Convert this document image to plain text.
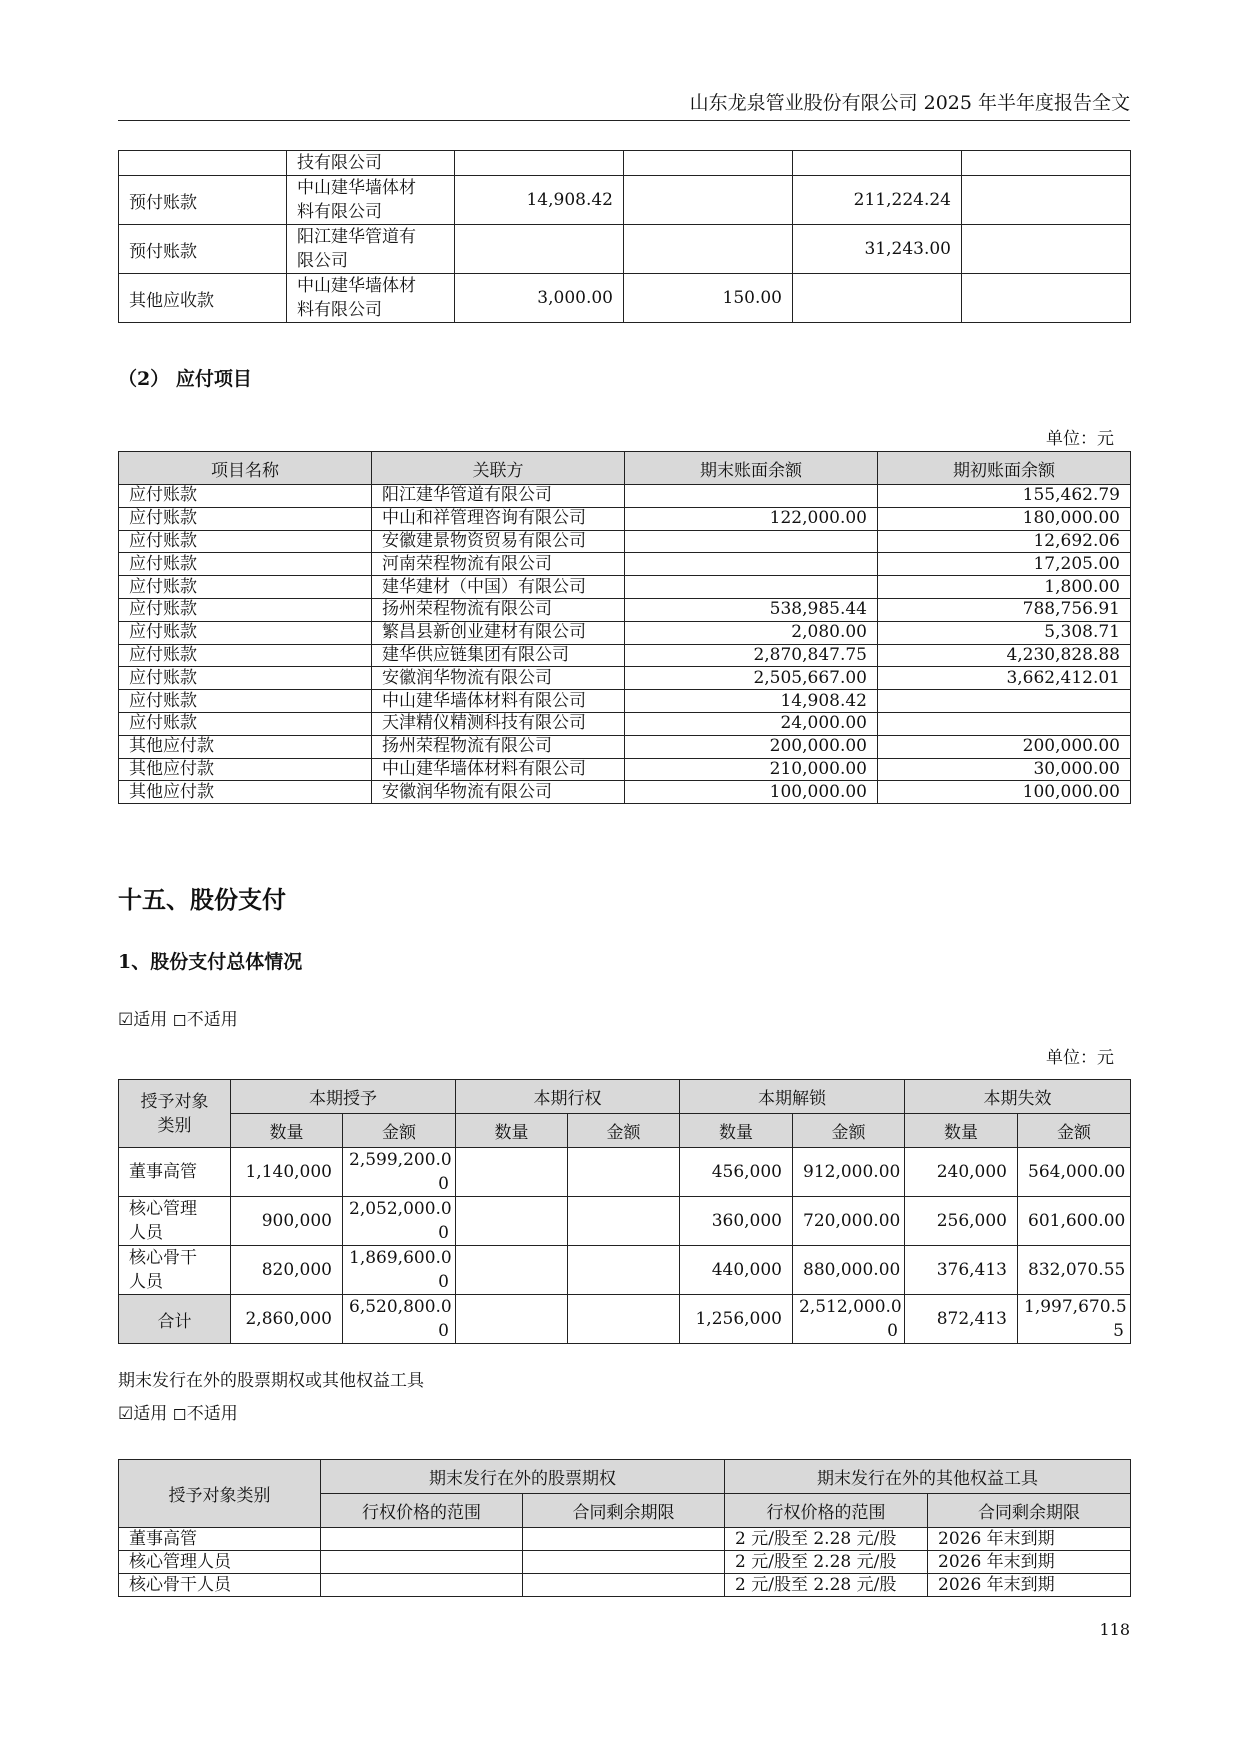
山东龙泉管业股份有限公司 2025 年半年度报告全文
	技有限公司				
预付账款	中山建华墙体材
料有限公司	14,908.42		211,224.24	
预付账款	阳江建华管道有
限公司			31,243.00	
其他应收款	中山建华墙体材
料有限公司	3,000.00	150.00		
（2） 应付项目
单位：元
项目名称	关联方	期末账面余额	期初账面余额
应付账款	阳江建华管道有限公司		155,462.79
应付账款	中山和祥管理咨询有限公司	122,000.00	180,000.00
应付账款	安徽建景物资贸易有限公司		12,692.06
应付账款	河南荣程物流有限公司		17,205.00
应付账款	建华建材（中国）有限公司		1,800.00
应付账款	扬州荣程物流有限公司	538,985.44	788,756.91
应付账款	繁昌县新创业建材有限公司	2,080.00	5,308.71
应付账款	建华供应链集团有限公司	2,870,847.75	4,230,828.88
应付账款	安徽润华物流有限公司	2,505,667.00	3,662,412.01
应付账款	中山建华墙体材料有限公司	14,908.42	
应付账款	天津精仪精测科技有限公司	24,000.00	
其他应付款	扬州荣程物流有限公司	200,000.00	200,000.00
其他应付款	中山建华墙体材料有限公司	210,000.00	30,000.00
其他应付款	安徽润华物流有限公司	100,000.00	100,000.00
十五、股份支付
1、股份支付总体情况
☑适用 ◻不适用
单位：元
授予对象
类别	本期授予		本期行权		本期解锁		本期失效	
	数量	金额	数量	金额	数量	金额	数量	金额

董事高管	1,140,000	2,599,200.0
0			456,000	912,000.00	240,000	564,000.00

核心管理
人员	900,000	2,052,000.0
0			360,000	720,000.00	256,000	601,600.00

核心骨干
人员	820,000	1,869,600.0
0			440,000	880,000.00	376,413	832,070.55

合计	2,860,000	6,520,800.0
0			1,256,000	2,512,000.0
0	872,413	1,997,670.5
5
期末发行在外的股票期权或其他权益工具
☑适用 ◻不适用
授予对象类别	期末发行在外的股票期权		期末发行在外的其他权益工具	
	行权价格的范围	合同剩余期限	行权价格的范围	合同剩余期限
董事高管			2 元/股至 2.28 元/股	2026 年末到期
核心管理人员			2 元/股至 2.28 元/股	2026 年末到期
核心骨干人员			2 元/股至 2.28 元/股	2026 年末到期
118
